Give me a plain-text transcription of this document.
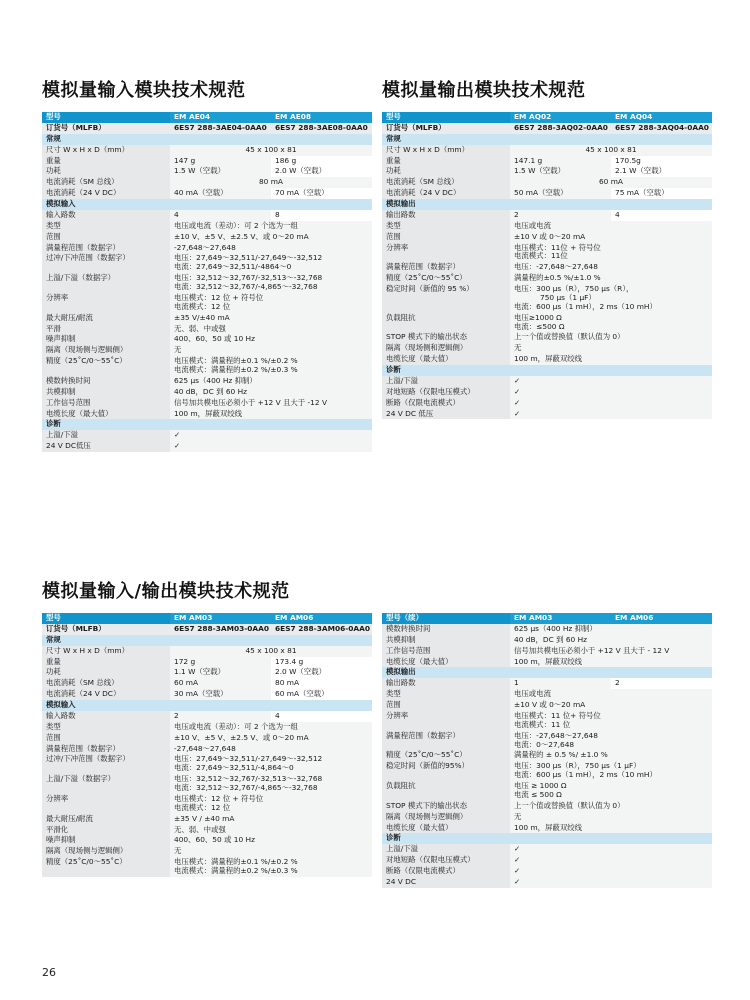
模拟量输入模块技术规范	模拟量输出模块技术规范
模拟量输入/输出模块技术规范
型号	EM AE04	EM AE08
订货号（MLFB）	6ES7 288-3AE04-0AA0	6ES7 288-3AE08-0AA0
常规		
尺寸 W x H x D（mm）	45 x 100 x 81	
重量	147 g	186 g
功耗	1.5 W（空载）	2.0 W（空载）
电流消耗（SM 总线）	80 mA	
电流消耗（24 V DC）	40 mA（空载）	70 mA（空载）
模拟输入		
输入路数	4	8
类型	电压或电流（差动）：可 2 个选为一组	
范围	±10 V、±5 V、±2.5 V、或 0～20 mA	
满量程范围（数据字）	-27,648～27,648	
过冲/下冲范围（数据字）	电压：27,649～32,511/-27,649～-32,512
电流：27,649～32,511/-4864～0	

上溢/下溢（数据字）	电压：32,512～32,767/-32,513～-32,768
电流：32,512～32,767/-4,865～-32,768	

分辨率	电压模式：12 位 + 符号位
电流模式：12 位	

最大耐压/耐流	±35 V/±40 mA	
平滑	无、弱、中或强	
噪声抑制	400、60、50 或 10 Hz	
隔离（现场侧与逻辑侧）	无	
精度（25˚C/0～55˚C）	电压模式：满量程的±0.1 %/±0.2 %
电流模式：满量程的±0.2 %/±0.3 %	

模数转换时间	625 μs（400 Hz 抑制）	
共模抑制	40 dB，DC 到 60 Hz	
工作信号范围	信号加共模电压必须小于 +12 V 且大于 -12 V	
电缆长度（最大值）	100 m，屏蔽双绞线	
诊断		
上溢/下溢	✓	
24 V DC低压	✓	
型号	EM AQ02	EM AQ04
订货号（MLFB）	6ES7 288-3AQ02-0AA0	6ES7 288-3AQ04-0AA0
常规		
尺寸 W x H x D（mm）	45 x 100 x 81	
重量	147.1 g	170.5g
功耗	1.5 W（空载）	2.1 W（空载）
电流消耗（SM 总线）	60 mA	
电流消耗（24 V DC）	50 mA（空载）	75 mA（空载）
模拟输出		
输出路数	2	4
类型	电压或电流	
范围	±10 V 或 0～20 mA	
分辨率	电压模式：11位 + 符号位
电流模式：11位	

满量程范围（数据字）	电压：-27,648～27,648	
精度（25˚C/0～55˚C）	满量程的±0.5 %/±1.0 %	
稳定时间（新值的 95 %）	电压：300 μs（R），750 μs（R），
750 μs（1 μF）
电流：600 μs（1 mH），2 ms（10 mH）	

负载阻抗	电压≥1000 Ω
电流：≤500 Ω	

STOP 模式下的输出状态	上一个值或替换值（默认值为 0）	
隔离（现场侧和逻辑侧）	无	
电缆长度（最大值）	100 m，屏蔽双绞线	
诊断		
上溢/下溢	✓	
对地短路（仅限电压模式）	✓	
断路（仅限电流模式）	✓	
24 V DC 低压	✓	
型号	EM AM03	EM AM06
订货号（MLFB）	6ES7 288-3AM03-0AA0	6ES7 288-3AM06-0AA0
常规		
尺寸 W x H x D（mm）	45 x 100 x 81	
重量	172 g	173.4 g
功耗	1.1 W（空载）	2.0 W（空载）
电流消耗（SM 总线）	60 mA	80 mA
电流消耗（24 V DC）	30 mA（空载）	60 mA（空载）
模拟输入		
输入路数	2	4
类型	电压或电流（差动）：可 2 个选为一组	
范围	±10 V、±5 V、±2.5 V、或 0～20 mA	
满量程范围（数据字）	-27,648～27,648	
过冲/下冲范围（数据字）	电压：27,649～32,511/-27,649～-32,512
电流：27,649～32,511/-4,864～0	

上溢/下溢（数据字）	电压：32,512～32,767/-32,513～-32,768
电流：32,512～32,767/-4,865～-32,768	

分辨率	电压模式：12 位 + 符号位
电流模式：12 位	

最大耐压/耐流	±35 V / ±40 mA	
平滑化	无、弱、中或强	
噪声抑制	400、60、50 或 10 Hz	
隔离（现场侧与逻辑侧）	无	
精度（25˚C/0～55˚C）	电压模式：满量程的±0.1 %/±0.2 %
电流模式：满量程的±0.2 %/±0.3 %	
型号（续）	EM AM03	EM AM06
模数转换时间	625 μs（400 Hz 抑制）	
共模抑制	40 dB，DC 到 60 Hz	
工作信号范围	信号加共模电压必须小于 +12 V 且大于 - 12 V	
电缆长度（最大值）	100 m，屏蔽双绞线	
模拟输出		
输出路数	1	2
类型	电压或电流	
范围	±10 V 或 0～20 mA	
分辨率	电压模式：11 位+ 符号位
电流模式：11 位	

满量程范围（数据字）	电压：-27,648～27,648
电流：0～27,648	

精度（25˚C/0～55˚C）	满量程的 ± 0.5 %/ ±1.0 %	
稳定时间（新值的95%）	电压：300 μs（R），750 μs（1 μF）
电流：600 μs（1 mH），2 ms（10 mH）	

负载阻抗	电压 ≥ 1000 Ω
电流 ≤ 500 Ω	

STOP 模式下的输出状态	上一个值或替换值（默认值为 0）	
隔离（现场侧与逻辑侧）	无	
电缆长度（最大值）	100 m，屏蔽双绞线	
诊断		
上溢/下溢	✓	
对地短路（仅限电压模式）	✓	
断路（仅限电流模式）	✓	
24 V DC	✓	
26
